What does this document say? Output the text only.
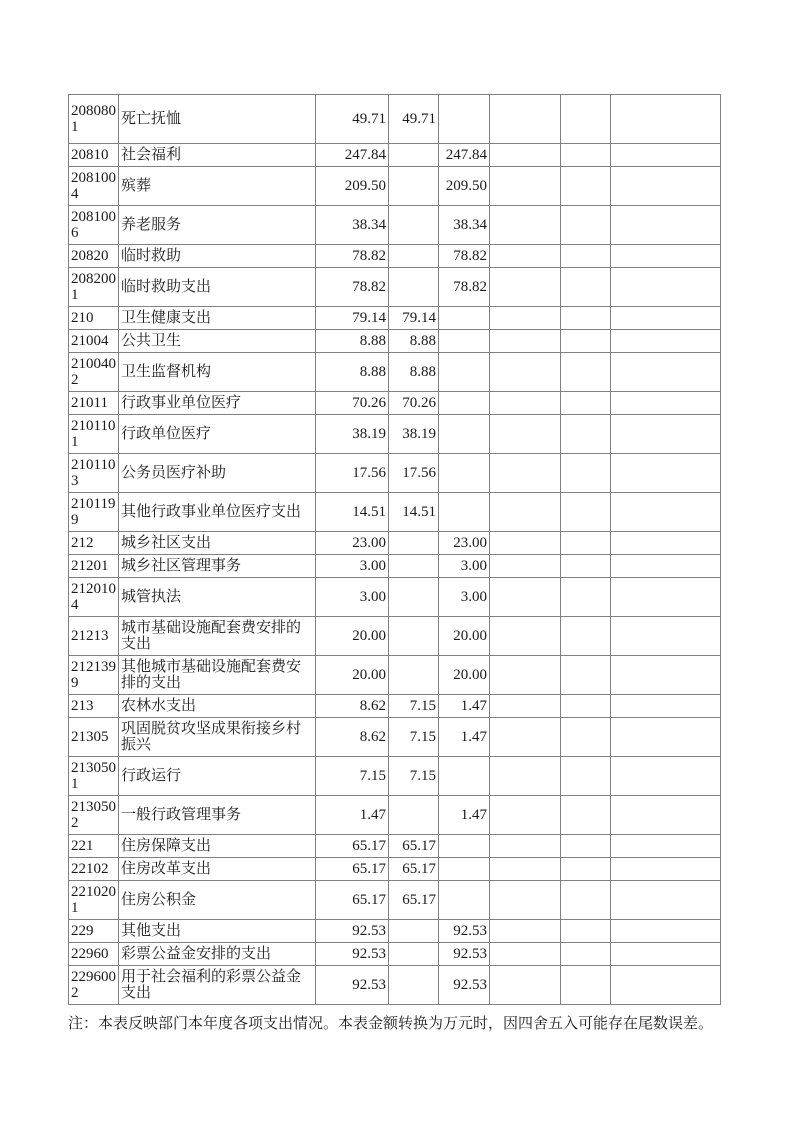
2080801	死亡抚恤	49.71	49.71				
20810	社会福利	247.84		247.84			
2081004	殡葬	209.50		209.50			
2081006	养老服务	38.34		38.34			
20820	临时救助	78.82		78.82			
2082001	临时救助支出	78.82		78.82			
210	卫生健康支出	79.14	79.14				
21004	公共卫生	8.88	8.88				
2100402	卫生监督机构	8.88	8.88				
21011	行政事业单位医疗	70.26	70.26				
2101101	行政单位医疗	38.19	38.19				
2101103	公务员医疗补助	17.56	17.56				
2101199	其他行政事业单位医疗支出	14.51	14.51				
212	城乡社区支出	23.00		23.00			
21201	城乡社区管理事务	3.00		3.00			
2120104	城管执法	3.00		3.00			
21213	城市基础设施配套费安排的支出	20.00		20.00			
2121399	其他城市基础设施配套费安排的支出	20.00		20.00			
213	农林水支出	8.62	7.15	1.47			
21305	巩固脱贫攻坚成果衔接乡村振兴	8.62	7.15	1.47			
2130501	行政运行	7.15	7.15				
2130502	一般行政管理事务	1.47		1.47			
221	住房保障支出	65.17	65.17				
22102	住房改革支出	65.17	65.17				
2210201	住房公积金	65.17	65.17				
229	其他支出	92.53		92.53			
22960	彩票公益金安排的支出	92.53		92.53			
2296002	用于社会福利的彩票公益金支出	92.53		92.53			

注：本表反映部门本年度各项支出情况。本表金额转换为万元时，因四舍五入可能存在尾数误差。
